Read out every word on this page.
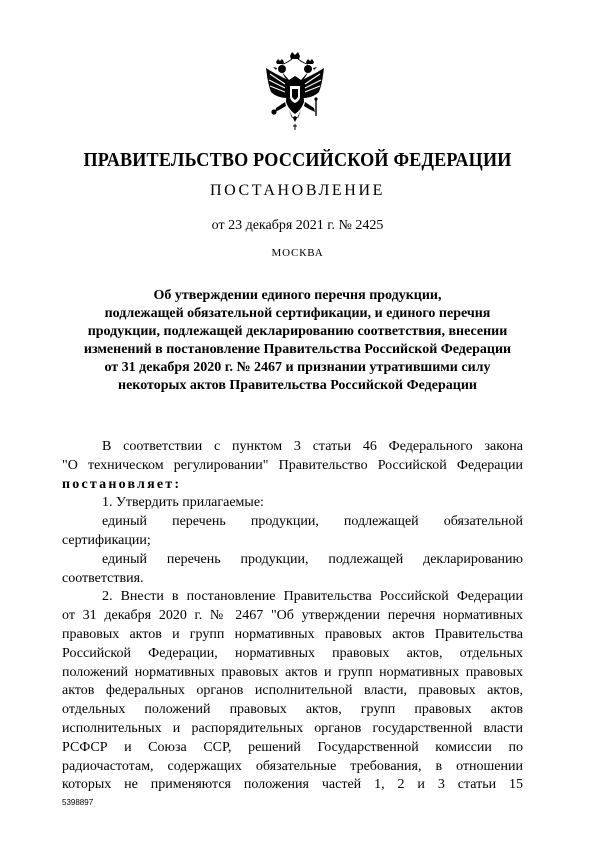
ПРАВИТЕЛЬСТВО РОССИЙСКОЙ ФЕДЕРАЦИИ
ПОСТАНОВЛЕНИЕ
от 23 декабря 2021 г. № 2425
МОСКВА
Об утверждении единого перечня продукции,
подлежащей обязательной сертификации, и единого перечня
продукции, подлежащей декларированию соответствия, внесении
изменений в постановление Правительства Российской Федерации
от 31 декабря 2020 г. № 2467 и признании утратившими силу
некоторых актов Правительства Российской Федерации
В соответствии с пунктом 3 статьи 46 Федерального закона
"О техническом регулировании" Правительство Российской Федерации
постановляет:
1. Утвердить прилагаемые:
единый перечень продукции, подлежащей обязательной
сертификации;
единый перечень продукции, подлежащей декларированию
соответствия.
2. Внести в постановление Правительства Российской Федерации
от 31 декабря 2020 г. № 2467 "Об утверждении перечня нормативных
правовых актов и групп нормативных правовых актов Правительства
Российской Федерации, нормативных правовых актов, отдельных
положений нормативных правовых актов и групп нормативных правовых
актов федеральных органов исполнительной власти, правовых актов,
отдельных положений правовых актов, групп правовых актов
исполнительных и распорядительных органов государственной власти
РСФСР и Союза ССР, решений Государственной комиссии по
радиочастотам, содержащих обязательные требования, в отношении
которых не применяются положения частей 1, 2 и 3 статьи 15
5398897
